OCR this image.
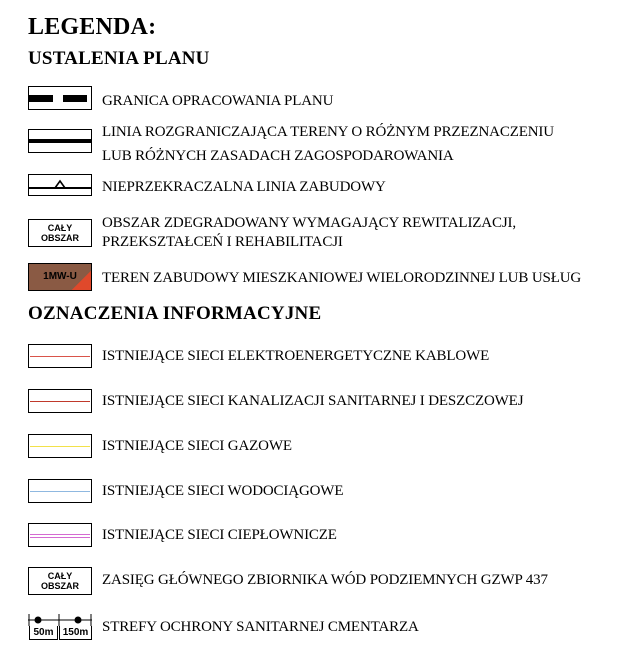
LEGENDA:
USTALENIA PLANU
GRANICA OPRACOWANIA PLANU
LINIA ROZGRANICZAJĄCA TERENY O RÓŻNYM PRZEZNACZENIU
LUB RÓŻNYCH ZASADACH ZAGOSPODAROWANIA
NIEPRZEKRACZALNA LINIA ZABUDOWY
CAŁY
OBSZAR
OBSZAR ZDEGRADOWANY WYMAGAJĄCY REWITALIZACJI,
PRZEKSZTAŁCEŃ I REHABILITACJI
1MW-U TEREN ZABUDOWY MIESZKANIOWEJ WIELORODZINNEJ LUB USŁUG
OZNACZENIA INFORMACYJNE
ISTNIEJĄCE SIECI ELEKTROENERGETYCZNE KABLOWE
ISTNIEJĄCE SIECI KANALIZACJI SANITARNEJ I DESZCZOWEJ
ISTNIEJĄCE SIECI GAZOWE
ISTNIEJĄCE SIECI WODOCIĄGOWE
ISTNIEJĄCE SIECI CIEPŁOWNICZE
CAŁY
OBSZAR ZASIĘG GŁÓWNEGO ZBIORNIKA WÓD PODZIEMNYCH GZWP 437
50m 150m STREFY OCHRONY SANITARNEJ CMENTARZA
